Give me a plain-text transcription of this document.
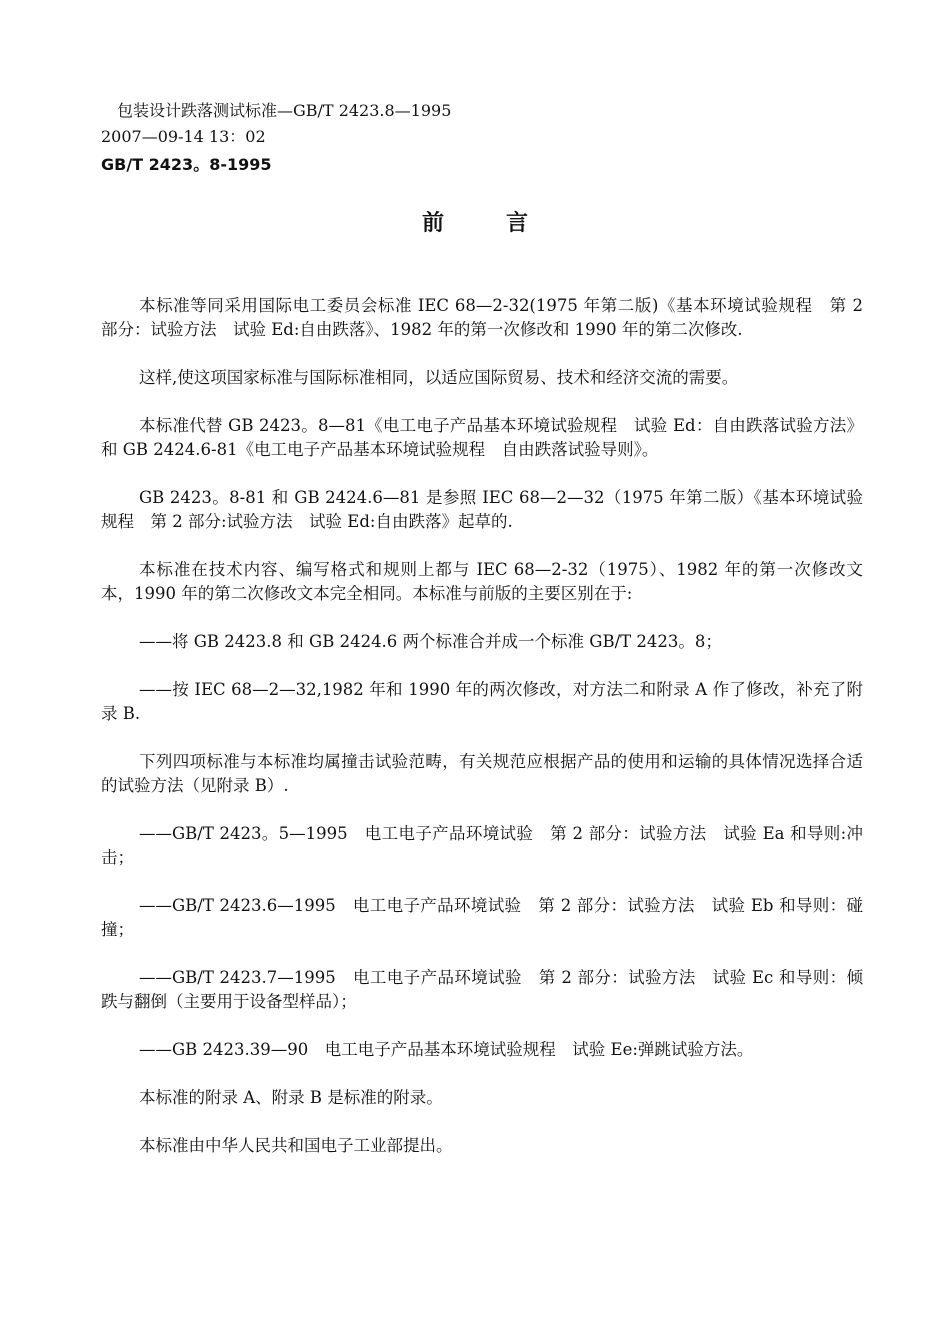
包装设计跌落测试标准—GB/T 2423.8—1995
2007—09-14 13：02
GB/T 2423。8-1995
前	言

本标准等同采用国际电工委员会标准 IEC 68—2-32(1975 年第二版)《基本环境试验规程　第 2 部分：试验方法　试验 Ed:自由跌落》、1982 年的第一次修改和 1990 年的第二次修改.

这样,使这项国家标准与国际标准相同，以适应国际贸易、技术和经济交流的需要。

本标准代替 GB 2423。8—81《电工电子产品基本环境试验规程　试验 Ed：自由跌落试验方法》和 GB 2424.6-81《电工电子产品基本环境试验规程　自由跌落试验导则》。

GB 2423。8-81 和 GB 2424.6—81 是参照 IEC 68—2—32（1975 年第二版）《基本环境试验规程　第 2 部分:试验方法　试验 Ed:自由跌落》起草的.

本标准在技术内容、编写格式和规则上都与 IEC 68—2-32（1975）、1982 年的第一次修改文本，1990 年的第二次修改文本完全相同。本标准与前版的主要区别在于:

——将 GB 2423.8 和 GB 2424.6 两个标准合并成一个标准 GB/T 2423。8；

——按 IEC 68—2—32,1982 年和 1990 年的两次修改，对方法二和附录 A 作了修改，补充了附录 B.

下列四项标准与本标准均属撞击试验范畴，有关规范应根据产品的使用和运输的具体情况选择合适的试验方法（见附录 B）.

——GB/T 2423。5—1995　电工电子产品环境试验　第 2 部分：试验方法　试验 Ea 和导则:冲击；

——GB/T 2423.6—1995　电工电子产品环境试验　第 2 部分：试验方法　试验 Eb 和导则：碰撞；

——GB/T 2423.7—1995　电工电子产品环境试验　第 2 部分：试验方法　试验 Ec 和导则：倾跌与翻倒（主要用于设备型样品）；

——GB 2423.39—90　电工电子产品基本环境试验规程　试验 Ee:弹跳试验方法。

本标准的附录 A、附录 B 是标准的附录。

本标准由中华人民共和国电子工业部提出。
